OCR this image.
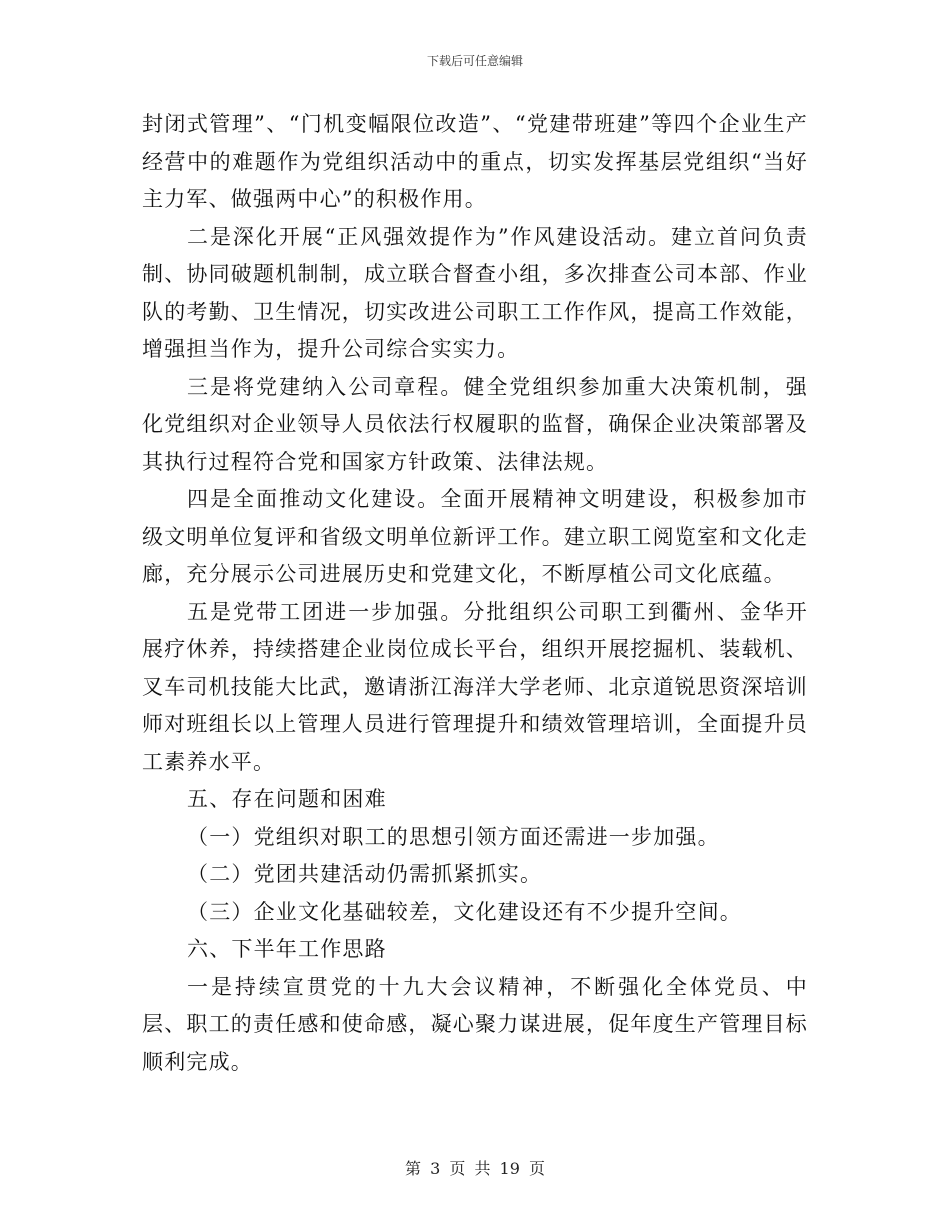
下载后可任意编辑

封闭式管理”、“门机变幅限位改造”、“党建带班建”等四个企业生产经营中的难题作为党组织活动中的重点，切实发挥基层党组织“当好主力军、做强两中心”的积极作用。

二是深化开展“正风强效提作为”作风建设活动。建立首问负责制、协同破题机制制，成立联合督查小组，多次排查公司本部、作业队的考勤、卫生情况，切实改进公司职工工作作风，提高工作效能，增强担当作为，提升公司综合实实力。

三是将党建纳入公司章程。健全党组织参加重大决策机制，强化党组织对企业领导人员依法行权履职的监督，确保企业决策部署及其执行过程符合党和国家方针政策、法律法规。

四是全面推动文化建设。全面开展精神文明建设，积极参加市级文明单位复评和省级文明单位新评工作。建立职工阅览室和文化走廊，充分展示公司进展历史和党建文化，不断厚植公司文化底蕴。

五是党带工团进一步加强。分批组织公司职工到衢州、金华开展疗休养，持续搭建企业岗位成长平台，组织开展挖掘机、装载机、叉车司机技能大比武，邀请浙江海洋大学老师、北京道锐思资深培训师对班组长以上管理人员进行管理提升和绩效管理培训，全面提升员工素养水平。

五、存在问题和困难

（一）党组织对职工的思想引领方面还需进一步加强。

（二）党团共建活动仍需抓紧抓实。

（三）企业文化基础较差，文化建设还有不少提升空间。

六、下半年工作思路

一是持续宣贯党的十九大会议精神，不断强化全体党员、中层、职工的责任感和使命感，凝心聚力谋进展，促年度生产管理目标顺利完成。

第 3 页 共 19 页
